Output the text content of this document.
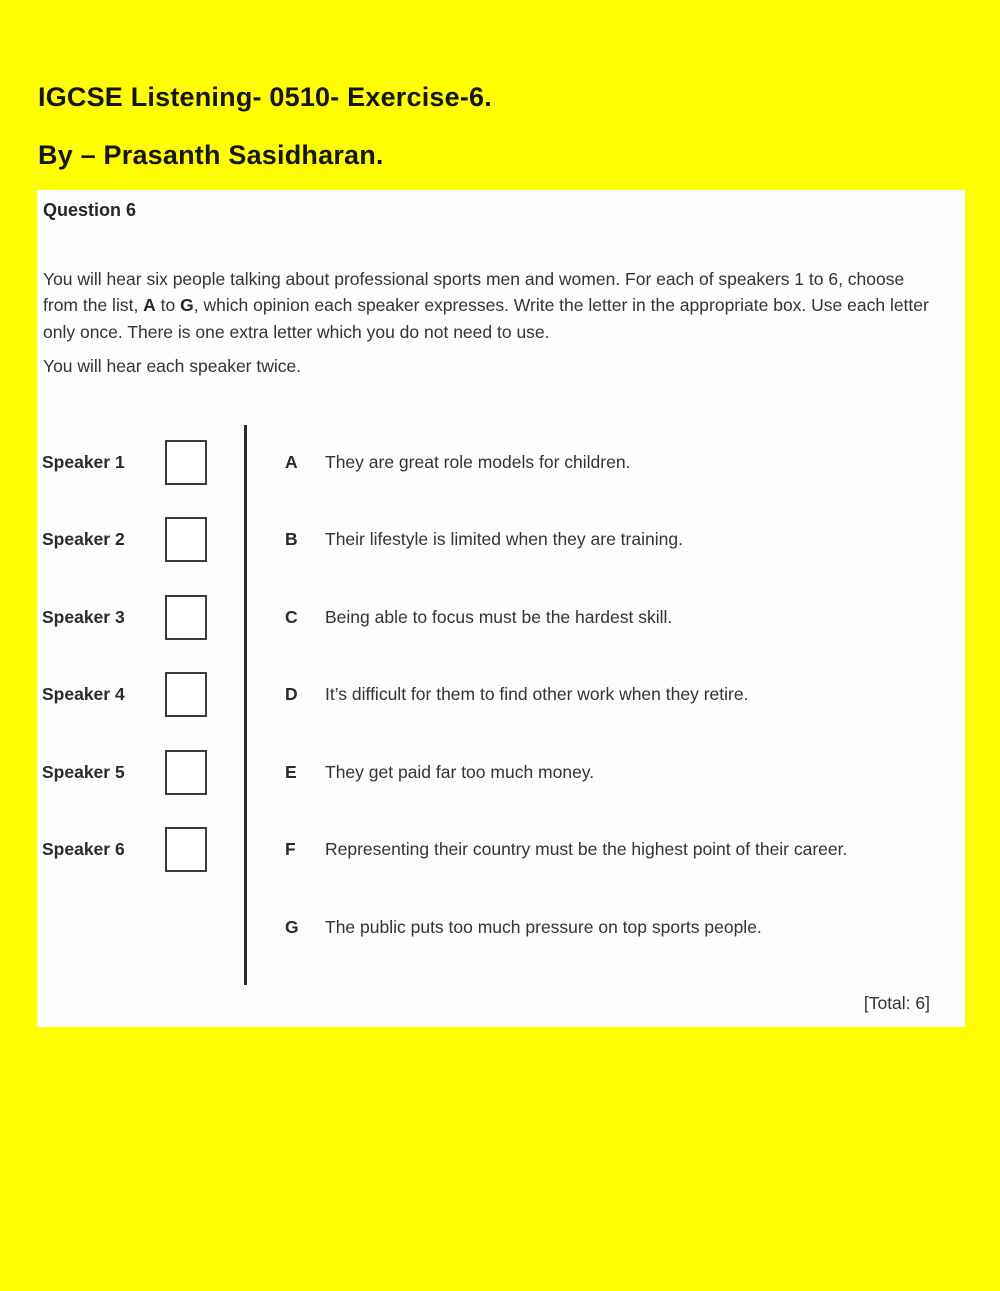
IGCSE Listening- 0510- Exercise-6.
By – Prasanth Sasidharan.
Question 6

You will hear six people talking about professional sports men and women. For each of speakers 1 to 6, choose from the list, A to G, which opinion each speaker expresses. Write the letter in the appropriate box. Use each letter only once. There is one extra letter which you do not need to use.

You will hear each speaker twice.
Speaker 1
Speaker 2
Speaker 3
Speaker 4
Speaker 5
Speaker 6
A	They are great role models for children.
B	Their lifestyle is limited when they are training.
C	Being able to focus must be the hardest skill.
D	It’s difficult for them to find other work when they retire.
E	They get paid far too much money.
F	Representing their country must be the highest point of their career.
G	The public puts too much pressure on top sports people.
[Total: 6]
